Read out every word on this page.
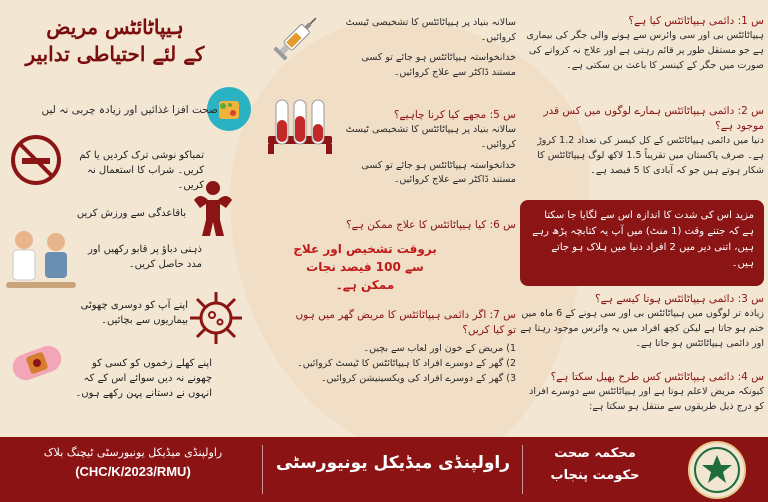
ہیپاٹائٹس مریض
کے لئے احتیاطی تدابیر
صحت افزا غذائیں اور زیادہ چربی نہ لیں
تمباکو نوشی ترک کردیں یا کم کریں۔ شراب کا استعمال نہ کریں۔
باقاعدگی سے ورزش کریں
ذہنی دباؤ پر قابو رکھیں اور مدد حاصل کریں۔
اپنے آپ کو دوسری چھوٹی بیماریوں سے بچائیں۔
اپنے کھلے زخموں کو کسی کو چھونے نہ دیں سوائے اس کے کہ انہوں نے دستانے پہن رکھے ہوں۔
سالانہ بنیاد پر ہیپاٹائٹس کا تشخیصی ٹیسٹ کروائیں۔
خدانخواستہ ہیپاٹائٹس ہو جائے تو کسی مستند ڈاکٹر سے علاج کروائیں۔
س 5: مجھے کیا کرنا چاہیے؟
سالانہ بنیاد پر ہیپاٹائٹس کا تشخیصی ٹیسٹ کروائیں۔
خدانخواستہ ہیپاٹائٹس ہو جائے تو کسی مستند ڈاکٹر سے علاج کروائیں۔
س 6: کیا ہیپاٹائٹس کا علاج ممکن ہے؟
بروقت تشخیص اور علاج سے 100 فیصد نجات ممکن ہے۔
س 7: اگر دائمی ہیپاٹائٹس کا مریض گھر میں ہوں تو کیا کریں؟
1) مریض کے خون اور لعاب سے بچیں۔
2) گھر کے دوسرے افراد کا ہیپاٹائٹس کا ٹیسٹ کروائیں۔
3) گھر کے دوسرے افراد کی ویکسینیشن کروائیں۔
س 1: دائمی ہیپاٹائٹس کیا ہے؟
ہیپاٹائٹس بی اور سی وائرس سے ہونے والی جگر کی بیماری ہے جو مستقل طور پر قائم رہتی ہے اور علاج نہ کروانے کی صورت میں جگر کے کینسر کا باعث بن سکتی ہے۔
س 2: دائمی ہیپاٹائٹس ہمارے لوگوں میں کس قدر موجود ہے؟
دنیا میں دائمی ہیپاٹائٹس کے کل کیسز کی تعداد 1.2 کروڑ ہے۔ صرف پاکستان میں تقریباً 1.5 لاکھ لوگ ہیپاٹائٹس کا شکار ہوتے ہیں جو کہ آبادی کا 5 فیصد ہے۔
مزید اس کی شدت کا اندازہ اس سے لگایا جا سکتا ہے کہ جتنے وقت (1 منٹ) میں آپ یہ کتابچہ پڑھ رہے ہیں، اتنی دیر میں 2 افراد دنیا میں ہلاک ہو جاتے ہیں۔
س 3: دائمی ہیپاٹائٹس ہوتا کیسے ہے؟
زیادہ تر لوگوں میں ہیپاٹائٹس بی اور سی ہونے کے 6 ماہ میں ختم ہو جاتا ہے لیکن کچھ افراد میں یہ وائرس موجود رہتا ہے اور دائمی ہیپاٹائٹس ہو جاتا ہے۔
س 4: دائمی ہیپاٹائٹس کس طرح پھیل سکتا ہے؟
کیونکہ مریض لاعلم ہوتا ہے اور ہیپاٹائٹس سے دوسرے افراد کو درج ذیل طریقوں سے منتقل ہو سکتا ہے:
راولپنڈی میڈیکل یونیورسٹی ٹیچنگ بلاک
(CHC/K/2023/RMU)	راولپنڈی میڈیکل یونیورسٹی	محکمہ صحت
حکومت پنجاب
